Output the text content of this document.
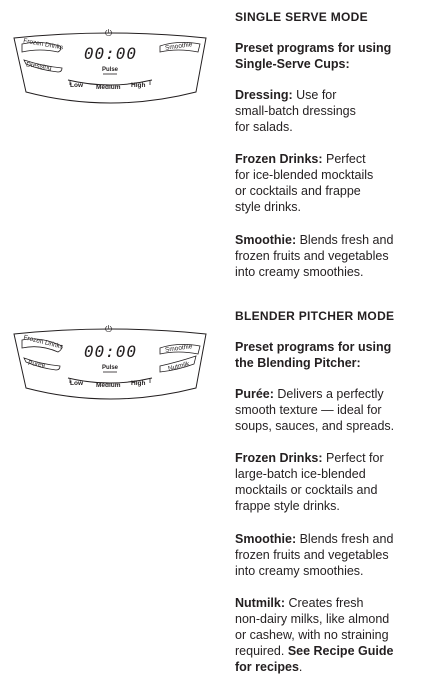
⏻
00:00
Frozen Drinks
Dressing
Smoothie
Pulse
Low Medium High
⏻
00:00
Frozen Drinks
Puree
Smoothie
Nutmilk
Pulse
Low Medium High
SINGLE SERVE MODE

Preset programs for using

Single-Serve Cups:

Dressing: Use for

small-batch dressings

for salads.

Frozen Drinks: Perfect

for ice-blended mocktails

or cocktails and frappe

style drinks.

Smoothie: Blends fresh and

frozen fruits and vegetables

into creamy smoothies.

BLENDER PITCHER MODE

Preset programs for using

the Blending Pitcher:

Purée: Delivers a perfectly

smooth texture — ideal for

soups, sauces, and spreads.

Frozen Drinks: Perfect for

large-batch ice-blended

mocktails or cocktails and

frappe style drinks.

Smoothie: Blends fresh and

frozen fruits and vegetables

into creamy smoothies.

Nutmilk: Creates fresh

non-dairy milks, like almond

or cashew, with no straining

required. See Recipe Guide

for recipes.
